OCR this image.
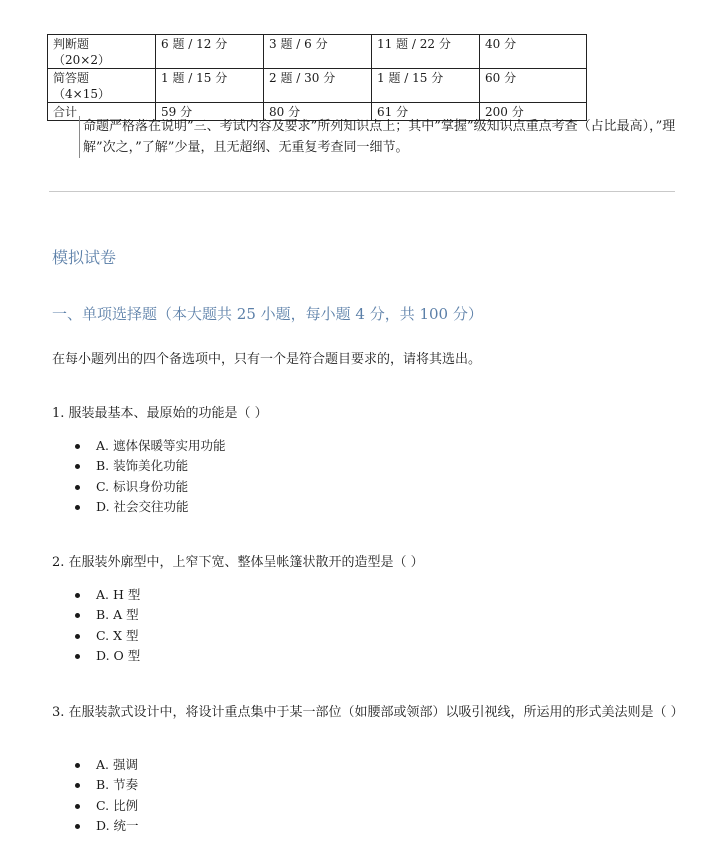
判断题
（20×2）	6 题 / 12 分	3 题 / 6 分	11 题 / 22 分	40 分
简答题
（4×15）	1 题 / 15 分	2 题 / 30 分	1 题 / 15 分	60 分
合计	59 分	80 分	61 分	200 分
命题严格落在说明”三、考试内容及要求”所列知识点上；其中”掌握”级知识点重点考查（占比最高），”理解”次之，”了解”少量，且无超纲、无重复考查同一细节。
模拟试卷
一、单项选择题（本大题共 25 小题，每小题 4 分，共 100 分）
在每小题列出的四个备选项中，只有一个是符合题目要求的，请将其选出。
1. 服装最基本、最原始的功能是（ ）
A. 遮体保暖等实用功能
B. 装饰美化功能
C. 标识身份功能
D. 社会交往功能
2. 在服装外廓型中，上窄下宽、整体呈帐篷状散开的造型是（ ）
A. H 型
B. A 型
C. X 型
D. O 型
3. 在服装款式设计中，将设计重点集中于某一部位（如腰部或领部）以吸引视线，所运用的形式美法则是（ ）
A. 强调
B. 节奏
C. 比例
D. 统一
